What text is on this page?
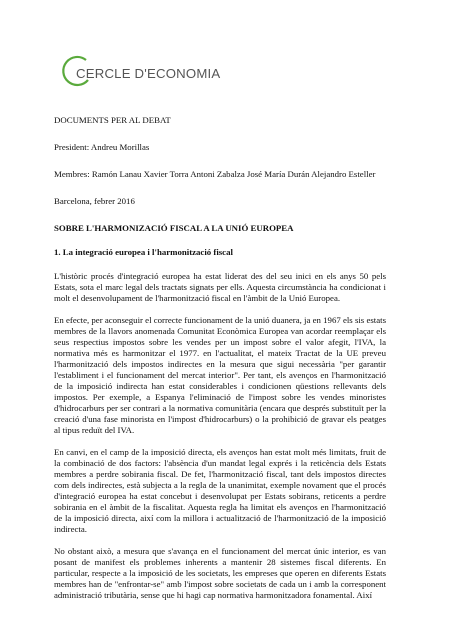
CERCLE D'ECONOMIA
DOCUMENTS PER AL DEBAT
President: Andreu Morillas
Membres: Ramón Lanau Xavier Torra Antoni Zabalza José María Durán Alejandro Esteller
Barcelona, febrer 2016
SOBRE L'HARMONIZACIÓ FISCAL A LA UNIÓ EUROPEA
1. La integració europea i l'harmonització fiscal

L'històric procés d'integració europea ha estat liderat des del seu inici en els anys 50 pels Estats, sota el marc legal dels tractats signats per ells. Aquesta circumstància ha condicionat i molt el desenvolupament de l'harmonització fiscal en l'àmbit de la Unió Europea.

En efecte, per aconseguir el correcte funcionament de la unió duanera, ja en 1967 els sis estats membres de la llavors anomenada Comunitat Econòmica Europea van acordar reemplaçar els seus respectius impostos sobre les vendes per un impost sobre el valor afegit, l'IVA, la normativa més es harmonitzar el 1977. en l'actualitat, el mateix Tractat de la UE preveu l'harmonització dels impostos indirectes en la mesura que sigui necessària "per garantir l'establiment i el funcionament del mercat interior". Per tant, els avenços en l'harmonització de la imposició indirecta han estat considerables i condicionen qüestions rellevants dels impostos. Per exemple, a Espanya l'eliminació de l'impost sobre les vendes minoristes d'hidrocarburs per ser contrari a la normativa comunitària (encara que després substituït per la creació d'una fase minorista en l'impost d'hidrocarburs) o la prohibició de gravar els peatges al tipus reduït del IVA.

En canvi, en el camp de la imposició directa, els avenços han estat molt més limitats, fruit de la combinació de dos factors: l'absència d'un mandat legal exprés i la reticència dels Estats membres a perdre sobirania fiscal. De fet, l'harmonització fiscal, tant dels impostos directes com dels indirectes, està subjecta a la regla de la unanimitat, exemple novament que el procés d'integració europea ha estat concebut i desenvolupat per Estats sobirans, reticents a perdre sobirania en el àmbit de la fiscalitat. Aquesta regla ha limitat els avenços en l'harmonització de la imposició directa, així com la millora i actualització de l'harmonització de la imposició indirecta.

No obstant això, a mesura que s'avança en el funcionament del mercat únic interior, es van posant de manifest els problemes inherents a mantenir 28 sistemes fiscal diferents. En particular, respecte a la imposició de les societats, les empreses que operen en diferents Estats membres han de "enfrontar-se" amb l'impost sobre societats de cada un i amb la corresponent administració tributària, sense que hi hagi cap normativa harmonitzadora fonamental. Així
